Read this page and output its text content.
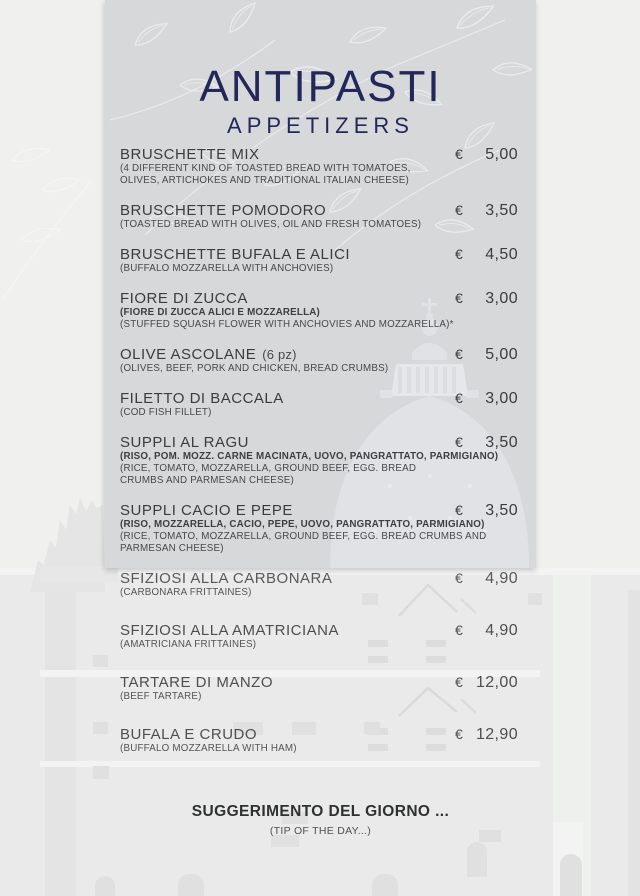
ANTIPASTI
APPETIZERS
BRUSCHETTE MIX	€ 5,00
(4 DIFFERENT KIND OF TOASTED BREAD WITH TOMATOES,
OLIVES, ARTICHOKES AND TRADITIONAL ITALIAN CHEESE)
BRUSCHETTE POMODORO	€ 3,50
(TOASTED BREAD WITH OLIVES, OIL AND FRESH TOMATOES)
BRUSCHETTE BUFALA E ALICI	€ 4,50
(BUFFALO MOZZARELLA WITH ANCHOVIES)
FIORE DI ZUCCA	€ 3,00
(FIORE DI ZUCCA ALICI E MOZZARELLA)
(STUFFED SQUASH FLOWER WITH ANCHOVIES AND MOZZARELLA)*
OLIVE ASCOLANE (6 pz)	€ 5,00
(OLIVES, BEEF, PORK AND CHICKEN, BREAD CRUMBS)
FILETTO DI BACCALA	€ 3,00
(COD FISH FILLET)
SUPPLI AL RAGU	€ 3,50
(RISO, POM. MOZZ. CARNE MACINATA, UOVO, PANGRATTATO, PARMIGIANO)
(RICE, TOMATO, MOZZARELLA, GROUND BEEF, EGG. BREAD
CRUMBS AND PARMESAN CHEESE)
SUPPLI CACIO E PEPE	€ 3,50
(RISO, MOZZARELLA, CACIO, PEPE, UOVO, PANGRATTATO, PARMIGIANO)
(RICE, TOMATO, MOZZARELLA, GROUND BEEF, EGG. BREAD CRUMBS AND
PARMESAN CHEESE)
SFIZIOSI ALLA CARBONARA	€ 4,90
(CARBONARA FRITTAINES)
SFIZIOSI ALLA AMATRICIANA	€ 4,90
(AMATRICIANA FRITTAINES)
TARTARE DI MANZO	€ 12,00
(BEEF TARTARE)
BUFALA E CRUDO	€ 12,90
(BUFFALO MOZZARELLA WITH HAM)
SUGGERIMENTO DEL GIORNO ...
(TIP OF THE DAY...)
